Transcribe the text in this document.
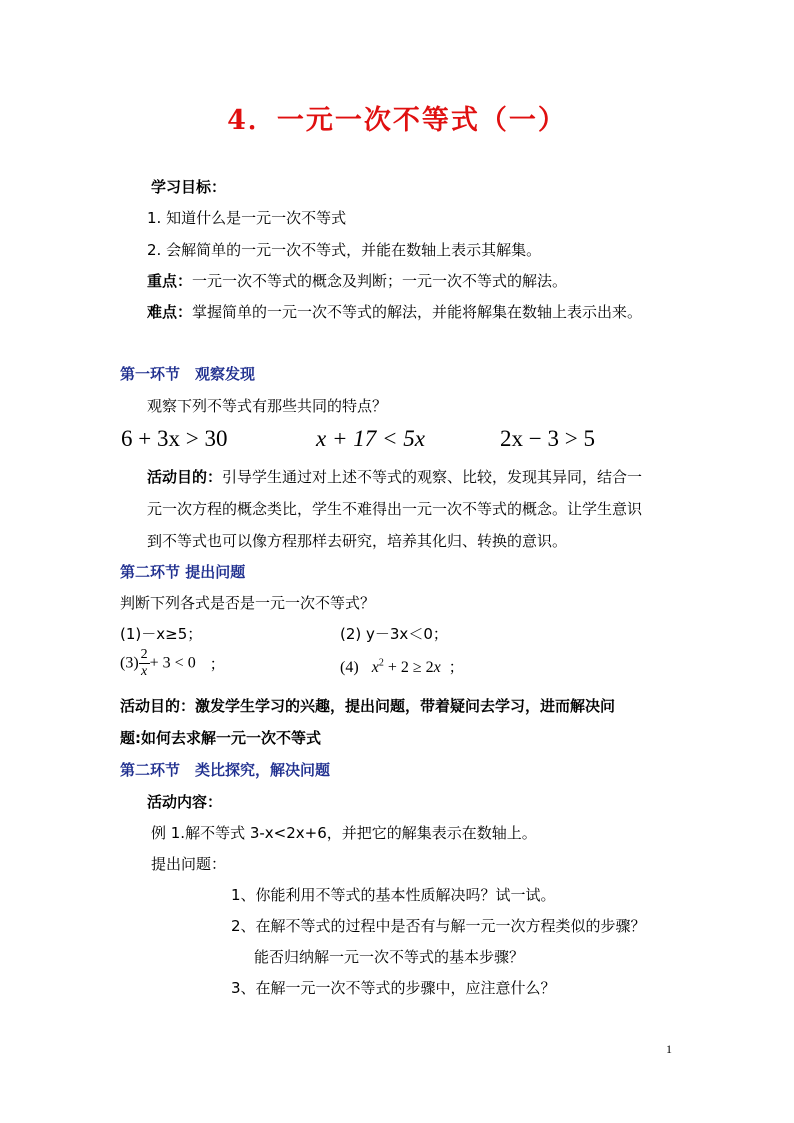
4．一元一次不等式（一）
学习目标：
1. 知道什么是一元一次不等式
2. 会解简单的一元一次不等式，并能在数轴上表示其解集。
重点：一元一次不等式的概念及判断；一元一次不等式的解法。
难点：掌握简单的一元一次不等式的解法，并能将解集在数轴上表示出来。
第一环节　观察发现
观察下列不等式有那些共同的特点？
6 + 3x > 30	x + 17 < 5x	2x − 3 > 5
活动目的：引导学生通过对上述不等式的观察、比较，发现其异同，结合一
元一次方程的概念类比，学生不难得出一元一次不等式的概念。让学生意识
到不等式也可以像方程那样去研究，培养其化归、转换的意识。
第二环节 提出问题
判断下列各式是否是一元一次不等式？
(1)－x≥5；	(2) y－3x＜0；
$(3) \frac{2}{x} + 3 < 0$ ；	(4) $x^2 + 2 \ge 2x$ ；
活动目的：激发学生学习的兴趣，提出问题，带着疑问去学习，进而解决问
题:如何去求解一元一次不等式
第二环节　类比探究，解决问题
活动内容：
例 1.解不等式 3-x<2x+6，并把它的解集表示在数轴上。
提出问题：
1、你能利用不等式的基本性质解决吗？试一试。
2、在解不等式的过程中是否有与解一元一次方程类似的步骤？
能否归纳解一元一次不等式的基本步骤？
3、在解一元一次不等式的步骤中，应注意什么？
1
